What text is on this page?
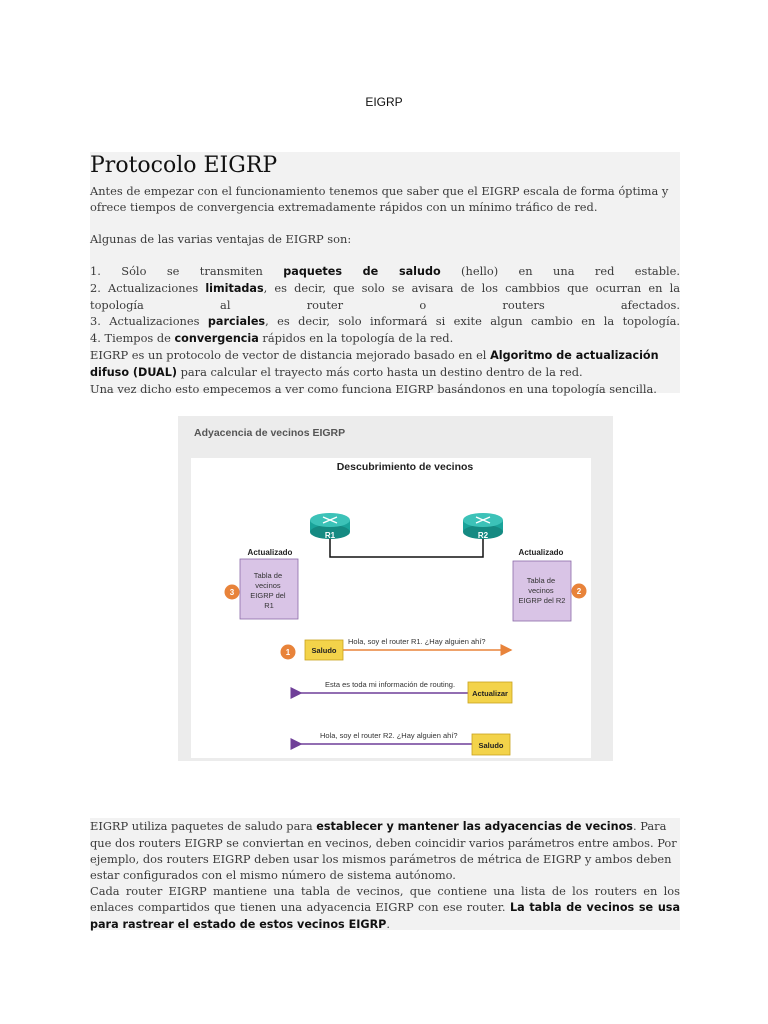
EIGRP
Protocolo EIGRP

Antes de empezar con el funcionamiento tenemos que saber que el EIGRP escala de forma óptima y ofrece tiempos de convergencia extremadamente rápidos con un mínimo tráfico de red.

Algunas de las varias ventajas de EIGRP son:

1. Sólo se transmiten paquetes de saludo (hello) en una red estable.

2. Actualizaciones limitadas, es decir, que solo se avisara de los cambbios que ocurran en la topología al router o routers afectados.

3. Actualizaciones parciales, es decir, solo informará si exite algun cambio en la topología.

4. Tiempos de convergencia rápidos en la topología de la red.

EIGRP es un protocolo de vector de distancia mejorado basado en el Algoritmo de actualización difuso (DUAL) para calcular el trayecto más corto hasta un destino dentro de la red.

Una vez dicho esto empecemos a ver como funciona EIGRP basándonos en una topología sencilla.

Adyacencia de vecinos EIGRP
Descubrimiento de vecinos
R1	R2
Actualizado
Tabla de vecinos EIGRP del R1
3
Actualizado
Tabla de vecinos EIGRP del R2
2
Hola, soy el router R1. ¿Hay alguien ahí?
Saludo
1
Esta es toda mi información de routing.
Actualizar
Hola, soy el router R2. ¿Hay alguien ahí?
Saludo

EIGRP utiliza paquetes de saludo para establecer y mantener las adyacencias de vecinos. Para que dos routers EIGRP se conviertan en vecinos, deben coincidir varios parámetros entre ambos. Por ejemplo, dos routers EIGRP deben usar los mismos parámetros de métrica de EIGRP y ambos deben estar configurados con el mismo número de sistema autónomo.

Cada router EIGRP mantiene una tabla de vecinos, que contiene una lista de los routers en los enlaces compartidos que tienen una adyacencia EIGRP con ese router. La tabla de vecinos se usa para rastrear el estado de estos vecinos EIGRP.
